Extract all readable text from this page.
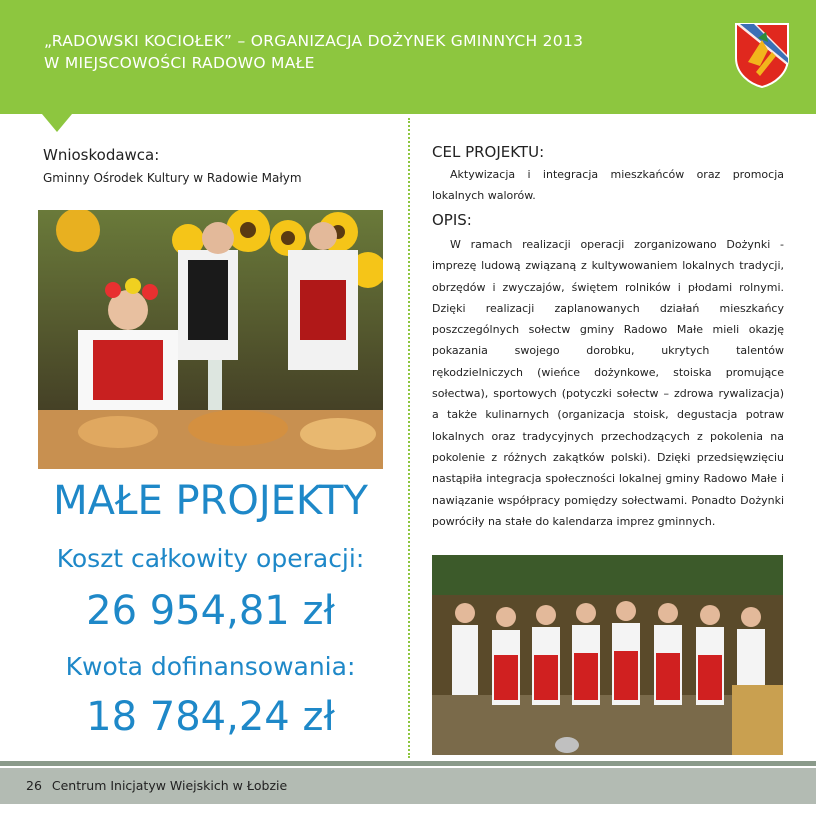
„RADOWSKI KOCIOŁEK” – ORGANIZACJA DOŻYNEK GMINNYCH 2013
W MIEJSCOWOŚCI RADOWO MAŁE
Wnioskodawca:
Gminny Ośrodek Kultury w Radowie Małym
MAŁE PROJEKTY
Koszt całkowity operacji:
26 954,81 zł
Kwota dofinansowania:
18 784,24 zł
CEL PROJEKTU:

Aktywizacja i integracja mieszkańców oraz promocja lokalnych walorów.

OPIS:

W ramach realizacji operacji zorganizowano Dożynki - imprezę ludową związaną z kultywowaniem lokalnych tradycji, obrzędów i zwyczajów, świętem rolników i płodami rolnymi. Dzięki realizacji zaplanowanych działań mieszkańcy poszczególnych sołectw gminy Radowo Małe mieli okazję pokazania swojego dorobku, ukrytych talentów rękodzielniczych (wieńce dożynkowe, stoiska promujące sołectwa), sportowych (potyczki sołectw – zdrowa rywalizacja) a także kulinarnych (organizacja stoisk, degustacja potraw lokalnych oraz tradycyjnych przechodzących z pokolenia na pokolenie z różnych zakątków polski). Dzięki przedsięwzięciu nastąpiła integracja społeczności lokalnej gminy Radowo Małe i nawiązanie współpracy pomiędzy sołectwami. Ponadto Dożynki powróciły na stałe do kalendarza imprez gminnych.

26 Centrum Inicjatyw Wiejskich w Łobzie
